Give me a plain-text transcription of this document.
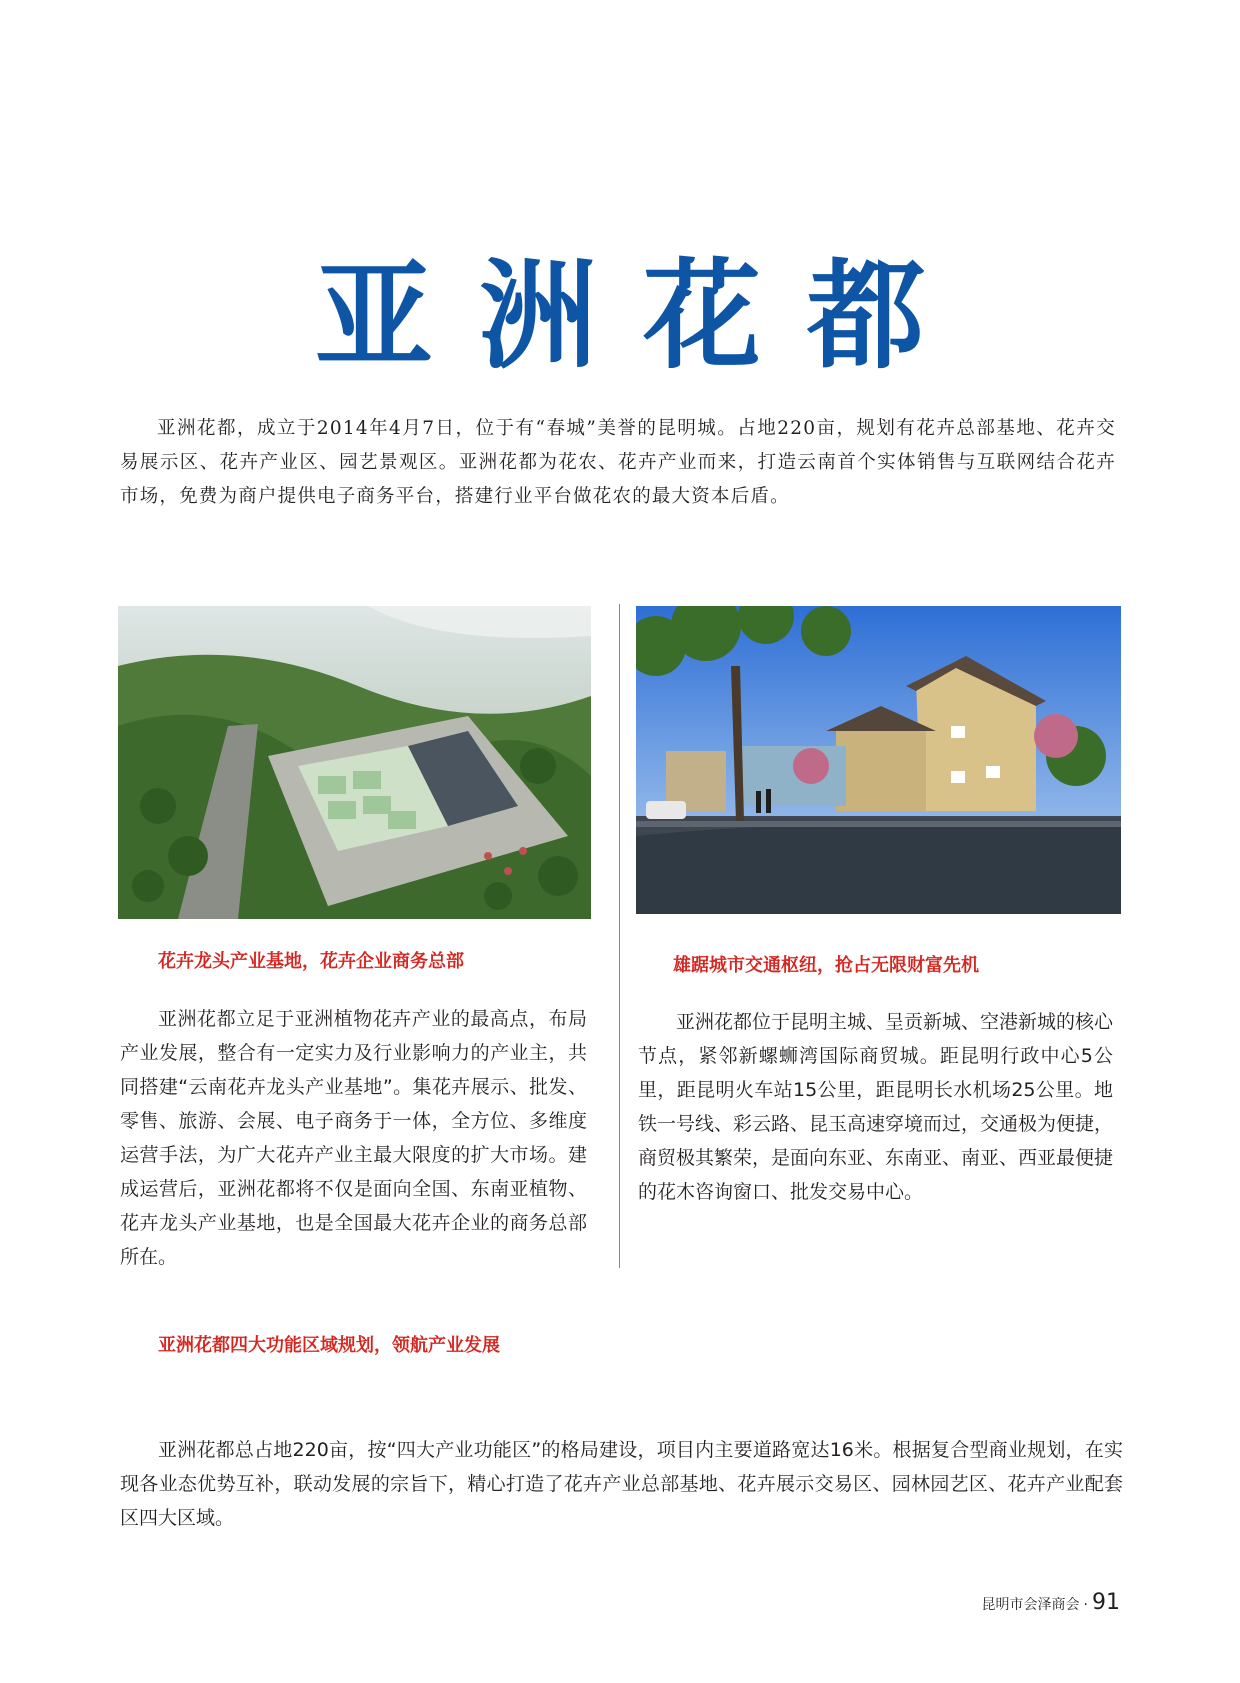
亚洲花都

亚洲花都，成立于2014年4月7日，位于有“春城”美誉的昆明城。占地220亩，规划有花卉总部基地、花卉交易展示区、花卉产业区、园艺景观区。亚洲花都为花农、花卉产业而来，打造云南首个实体销售与互联网结合花卉市场，免费为商户提供电子商务平台，搭建行业平台做花农的最大资本后盾。

花卉龙头产业基地，花卉企业商务总部

亚洲花都立足于亚洲植物花卉产业的最高点，布局产业发展，整合有一定实力及行业影响力的产业主，共同搭建“云南花卉龙头产业基地”。集花卉展示、批发、零售、旅游、会展、电子商务于一体，全方位、多维度运营手法，为广大花卉产业主最大限度的扩大市场。建成运营后，亚洲花都将不仅是面向全国、东南亚植物、花卉龙头产业基地，也是全国最大花卉企业的商务总部所在。

雄踞城市交通枢纽，抢占无限财富先机

亚洲花都位于昆明主城、呈贡新城、空港新城的核心节点，紧邻新螺蛳湾国际商贸城。距昆明行政中心5公里，距昆明火车站15公里，距昆明长水机场25公里。地铁一号线、彩云路、昆玉高速穿境而过，交通极为便捷，商贸极其繁荣，是面向东亚、东南亚、南亚、西亚最便捷的花木咨询窗口、批发交易中心。

亚洲花都四大功能区域规划，领航产业发展

亚洲花都总占地220亩，按“四大产业功能区”的格局建设，项目内主要道路宽达16米。根据复合型商业规划，在实现各业态优势互补，联动发展的宗旨下，精心打造了花卉产业总部基地、花卉展示交易区、园林园艺区、花卉产业配套区四大区域。

昆明市会泽商会 · 91
